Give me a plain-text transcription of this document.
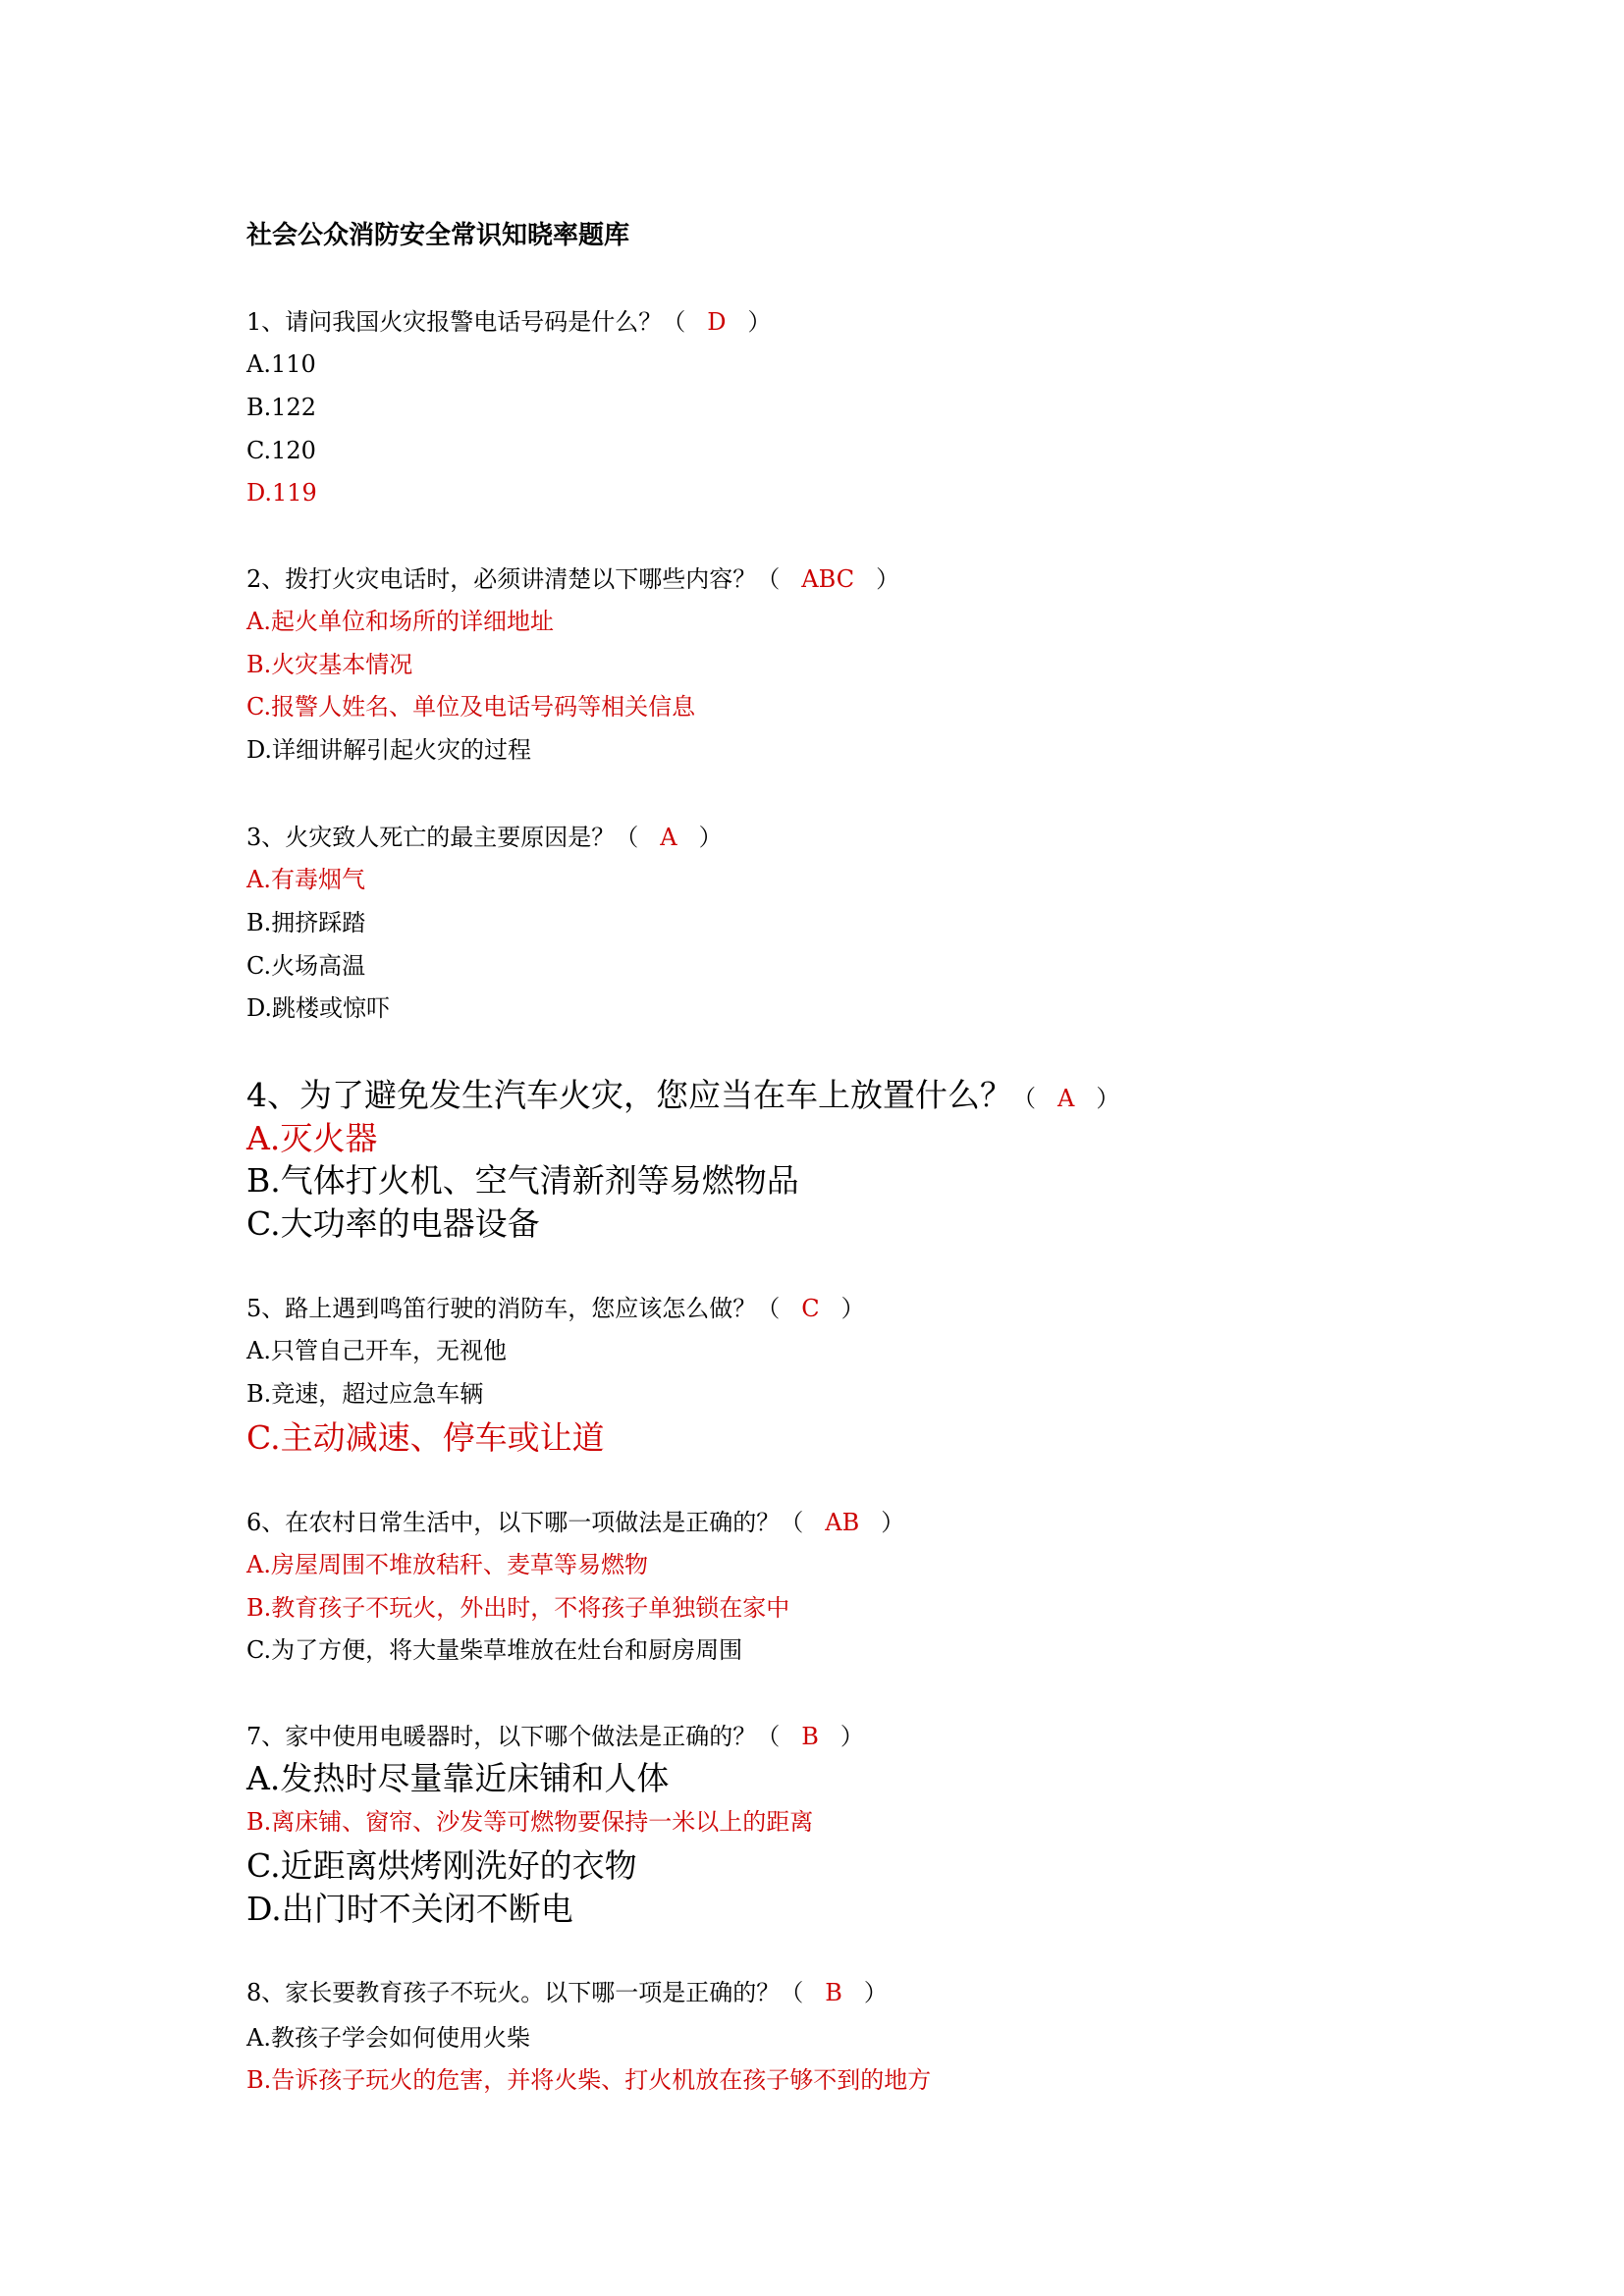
社会公众消防安全常识知晓率题库
1、请问我国火灾报警电话号码是什么？（ D ）
A.110
B.122
C.120
D.119
2、拨打火灾电话时，必须讲清楚以下哪些内容？（ ABC ）
A.起火单位和场所的详细地址
B.火灾基本情况
C.报警人姓名、单位及电话号码等相关信息
D.详细讲解引起火灾的过程
3、火灾致人死亡的最主要原因是？（ A ）
A.有毒烟气
B.拥挤踩踏
C.火场高温
D.跳楼或惊吓
4、为了避免发生汽车火灾，您应当在车上放置什么？（ A ）
A.灭火器
B.气体打火机、空气清新剂等易燃物品
C.大功率的电器设备
5、路上遇到鸣笛行驶的消防车，您应该怎么做？（ C ）
A.只管自己开车，无视他
B.竞速，超过应急车辆
C.主动减速、停车或让道
6、在农村日常生活中，以下哪一项做法是正确的？（ AB ）
A.房屋周围不堆放秸秆、麦草等易燃物
B.教育孩子不玩火，外出时，不将孩子单独锁在家中
C.为了方便，将大量柴草堆放在灶台和厨房周围
7、家中使用电暖器时，以下哪个做法是正确的？（ B ）
A.发热时尽量靠近床铺和人体
B.离床铺、窗帘、沙发等可燃物要保持一米以上的距离
C.近距离烘烤刚洗好的衣物
D.出门时不关闭不断电
8、家长要教育孩子不玩火。以下哪一项是正确的？（ B ）
A.教孩子学会如何使用火柴
B.告诉孩子玩火的危害，并将火柴、打火机放在孩子够不到的地方
